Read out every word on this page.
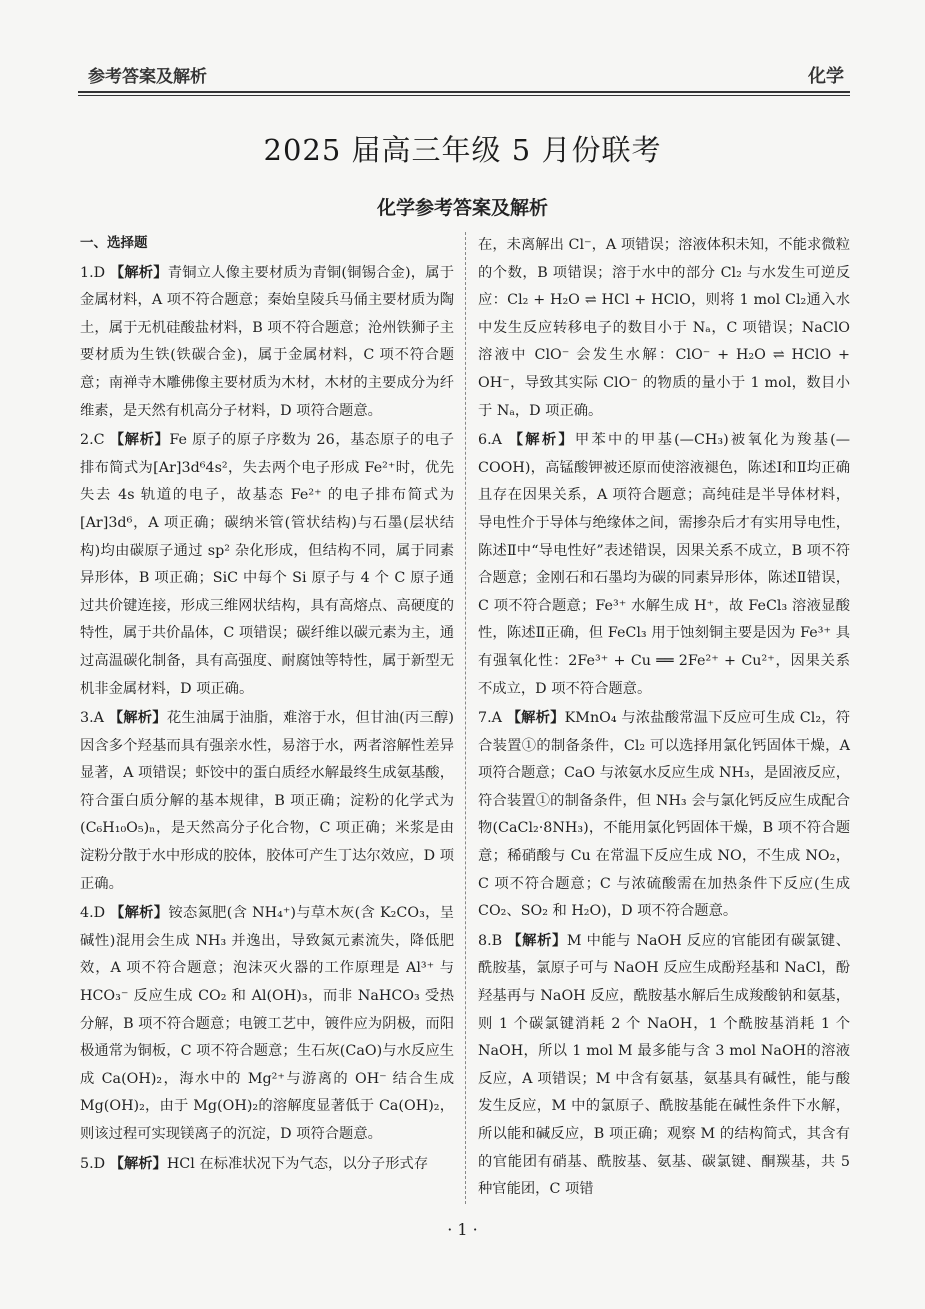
参考答案及解析	化学
2025 届高三年级 5 月份联考
化学参考答案及解析
一、选择题
1.D 【解析】青铜立人像主要材质为青铜(铜锡合金)，属于金属材料，A 项不符合题意；秦始皇陵兵马俑主要材质为陶土，属于无机硅酸盐材料，B 项不符合题意；沧州铁狮子主要材质为生铁(铁碳合金)，属于金属材料，C 项不符合题意；南禅寺木雕佛像主要材质为木材，木材的主要成分为纤维素，是天然有机高分子材料，D 项符合题意。
2.C 【解析】Fe 原子的原子序数为 26，基态原子的电子排布简式为[Ar]3d⁶4s²，失去两个电子形成 Fe²⁺时，优先失去 4s 轨道的电子，故基态 Fe²⁺ 的电子排布简式为[Ar]3d⁶，A 项正确；碳纳米管(管状结构)与石墨(层状结构)均由碳原子通过 sp² 杂化形成，但结构不同，属于同素异形体，B 项正确；SiC 中每个 Si 原子与 4 个 C 原子通过共价键连接，形成三维网状结构，具有高熔点、高硬度的特性，属于共价晶体，C 项错误；碳纤维以碳元素为主，通过高温碳化制备，具有高强度、耐腐蚀等特性，属于新型无机非金属材料，D 项正确。
3.A 【解析】花生油属于油脂，难溶于水，但甘油(丙三醇)因含多个羟基而具有强亲水性，易溶于水，两者溶解性差异显著，A 项错误；虾饺中的蛋白质经水解最终生成氨基酸，符合蛋白质分解的基本规律，B 项正确；淀粉的化学式为(C₆H₁₀O₅)ₙ，是天然高分子化合物，C 项正确；米浆是由淀粉分散于水中形成的胶体，胶体可产生丁达尔效应，D 项正确。
4.D 【解析】铵态氮肥(含 NH₄⁺)与草木灰(含 K₂CO₃，呈碱性)混用会生成 NH₃ 并逸出，导致氮元素流失，降低肥效，A 项不符合题意；泡沫灭火器的工作原理是 Al³⁺ 与 HCO₃⁻ 反应生成 CO₂ 和 Al(OH)₃，而非 NaHCO₃ 受热分解，B 项不符合题意；电镀工艺中，镀件应为阴极，而阳极通常为铜板，C 项不符合题意；生石灰(CaO)与水反应生成 Ca(OH)₂，海水中的 Mg²⁺与游离的 OH⁻ 结合生成 Mg(OH)₂，由于 Mg(OH)₂的溶解度显著低于 Ca(OH)₂，则该过程可实现镁离子的沉淀，D 项符合题意。
5.D 【解析】HCl 在标准状况下为气态，以分子形式存
在，未离解出 Cl⁻，A 项错误；溶液体积未知，不能求微粒的个数，B 项错误；溶于水中的部分 Cl₂ 与水发生可逆反应：Cl₂ + H₂O ⇌ HCl + HClO，则将 1 mol Cl₂通入水中发生反应转移电子的数目小于 Nₐ，C 项错误；NaClO 溶液中 ClO⁻ 会发生水解：ClO⁻ + H₂O ⇌ HClO + OH⁻，导致其实际 ClO⁻ 的物质的量小于 1 mol，数目小于 Nₐ，D 项正确。
6.A 【解析】甲苯中的甲基(—CH₃)被氧化为羧基(—COOH)，高锰酸钾被还原而使溶液褪色，陈述Ⅰ和Ⅱ均正确且存在因果关系，A 项符合题意；高纯硅是半导体材料，导电性介于导体与绝缘体之间，需掺杂后才有实用导电性，陈述Ⅱ中“导电性好”表述错误，因果关系不成立，B 项不符合题意；金刚石和石墨均为碳的同素异形体，陈述Ⅱ错误，C 项不符合题意；Fe³⁺ 水解生成 H⁺，故 FeCl₃ 溶液显酸性，陈述Ⅱ正确，但 FeCl₃ 用于蚀刻铜主要是因为 Fe³⁺ 具有强氧化性：2Fe³⁺ + Cu ══ 2Fe²⁺ + Cu²⁺，因果关系不成立，D 项不符合题意。
7.A 【解析】KMnO₄ 与浓盐酸常温下反应可生成 Cl₂，符合装置①的制备条件，Cl₂ 可以选择用氯化钙固体干燥，A 项符合题意；CaO 与浓氨水反应生成 NH₃，是固液反应，符合装置①的制备条件，但 NH₃ 会与氯化钙反应生成配合物(CaCl₂·8NH₃)，不能用氯化钙固体干燥，B 项不符合题意；稀硝酸与 Cu 在常温下反应生成 NO，不生成 NO₂，C 项不符合题意；C 与浓硫酸需在加热条件下反应(生成 CO₂、SO₂ 和 H₂O)，D 项不符合题意。
8.B 【解析】M 中能与 NaOH 反应的官能团有碳氯键、酰胺基，氯原子可与 NaOH 反应生成酚羟基和 NaCl，酚羟基再与 NaOH 反应，酰胺基水解后生成羧酸钠和氨基，则 1 个碳氯键消耗 2 个 NaOH，1 个酰胺基消耗 1 个 NaOH，所以 1 mol M 最多能与含 3 mol NaOH的溶液反应，A 项错误；M 中含有氨基，氨基具有碱性，能与酸发生反应，M 中的氯原子、酰胺基能在碱性条件下水解，所以能和碱反应，B 项正确；观察 M 的结构简式，其含有的官能团有硝基、酰胺基、氨基、碳氯键、酮羰基，共 5 种官能团，C 项错
· 1 ·
